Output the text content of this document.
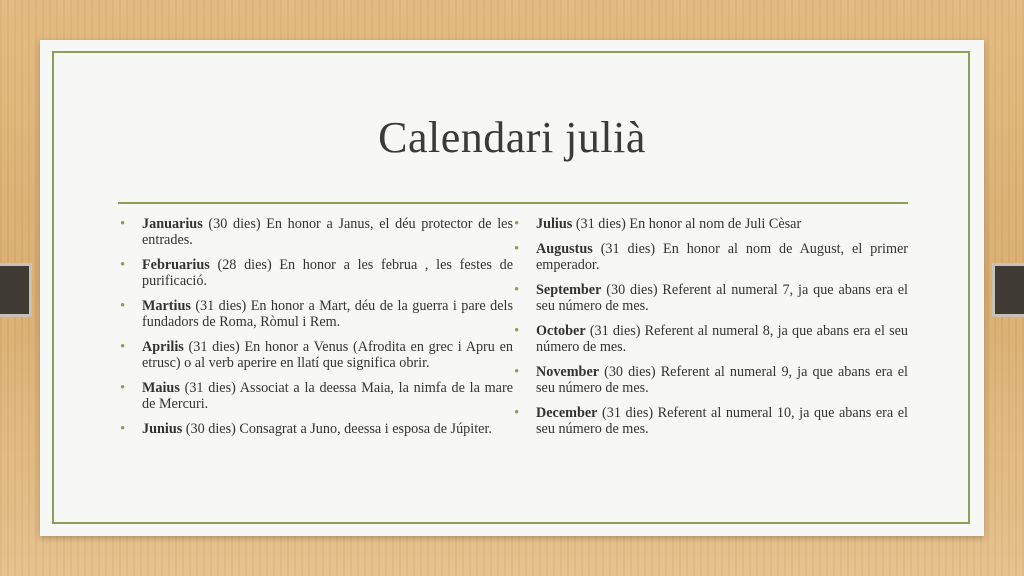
Calendari julià
• Januarius (30 dies) En honor a Janus, el déu protector de les entrades.
• Februarius (28 dies) En honor a les februa , les festes de purificació.
• Martius (31 dies) En honor a Mart, déu de la guerra i pare dels fundadors de Roma, Ròmul i Rem.
• Aprilis (31 dies) En honor a Venus (Afrodita en grec i Apru en etrusc) o al verb aperire en llatí que significa obrir.
• Maius (31 dies) Associat a la deessa Maia, la nimfa de la mare de Mercuri.
• Junius (30 dies) Consagrat a Juno, deessa i esposa de Júpiter.
• Julius (31 dies) En honor al nom de Juli Cèsar
• Augustus (31 dies) En honor al nom de August, el primer emperador.
• September (30 dies) Referent al numeral 7, ja que abans era el seu número de mes.
• October (31 dies) Referent al numeral 8, ja que abans era el seu número de mes.
• November (30 dies) Referent al numeral 9, ja que abans era el seu número de mes.
• December (31 dies) Referent al numeral 10, ja que abans era el seu número de mes.
